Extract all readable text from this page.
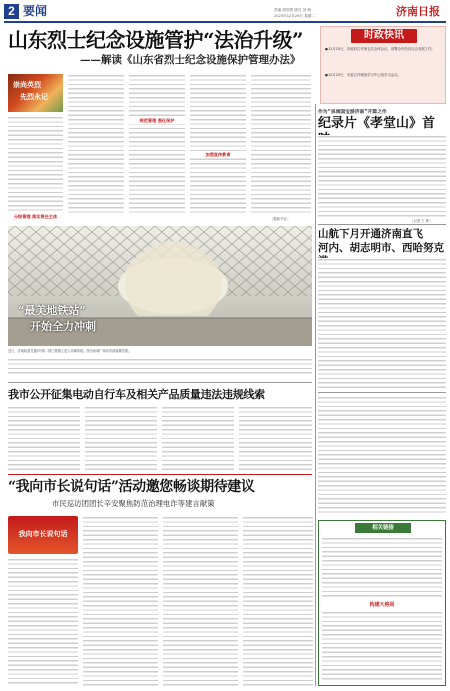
2 要闻	责编 郭世圆 版式 刘 海
2023年12月26日 星期二	济南日报
山东烈士纪念设施管护“法治升级”
——解读《山东省烈士纪念设施保护管理办法》
时政快讯
●12月25日，市政府召开第五次全体会议，部署全市经济社会发展工作。
●12月25日，市委召开理论学习中心组学习会议。
崇尚英烈
先烈永记
分级管理 落实责任主体
规范管理 强化保护
加强宣传教育
（据新华社）
作为“泉城国宝游济南”开篇之作
纪录片《孝堂山》首
（记者 王 彬）
山航下月开通济南直飞
河内、胡志明市、西哈努克
“最美地铁站”
开始全力冲刺
近日，济南轨道交通3号线二期工程施工进入冲刺阶段。图为泉城广场站内部装修效果。
我市公开征集电动自行车及相关产品质量违法违规线索
“我向市长说句话”活动邀您畅谈期待建议
市民巡访团团长辛安聚焦防范治理电诈等建言献策
我向市长说句话
相关链接
构建大格局
